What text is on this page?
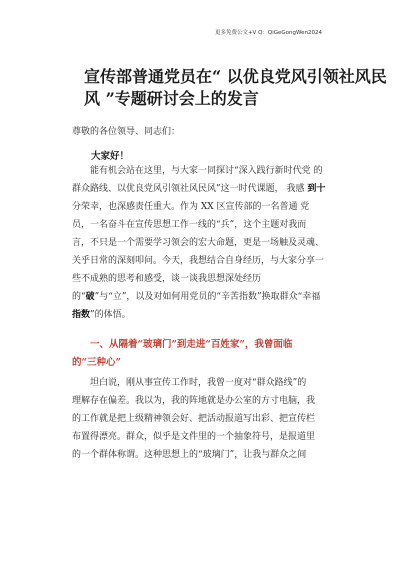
更多免费公文+V Q：QiGeGongWen2024
宣传部普通党员在“ 以优良党风引领社风民
风 ”专题研讨会上的发言
尊敬的各位领导、同志们：
大家好！
能有机会站在这里，与大家一同探讨“深入践行新时代党 的
群众路线、以优良党风引领社风民风”这一时代课题， 我感 到十
分荣幸，也深感责任重大。作为 XX 区宣传部的一名普通 党
员，一名奋斗在宣传思想工作一线的“兵”，这个主题对我而
言，不只是一个需要学习领会的宏大命题，更是一场触及灵魂、
关乎日常的深刻叩问。今天，我想结合自身经历，与大家分享一
些不成熟的思考和感受，谈一谈我思想深处经历
的“破”与“立”，以及对如何用党员的“辛苦指数”换取群众“幸福
指数”的体悟。
一、从隔着“玻璃门”到走进“百姓家”，我曾面临
的“三种心”
坦白说，刚从事宣传工作时，我曾一度对“群众路线”的
理解存在偏差。我以为，我的阵地就是办公室的方寸电脑，我
的工作就是把上级精神领会好、把活动报道写出彩、把宣传栏
布置得漂亮。群众，似乎是文件里的一个抽象符号，是报道里
的一个群体称谓。这种思想上的“玻璃门”，让我与群众之间
